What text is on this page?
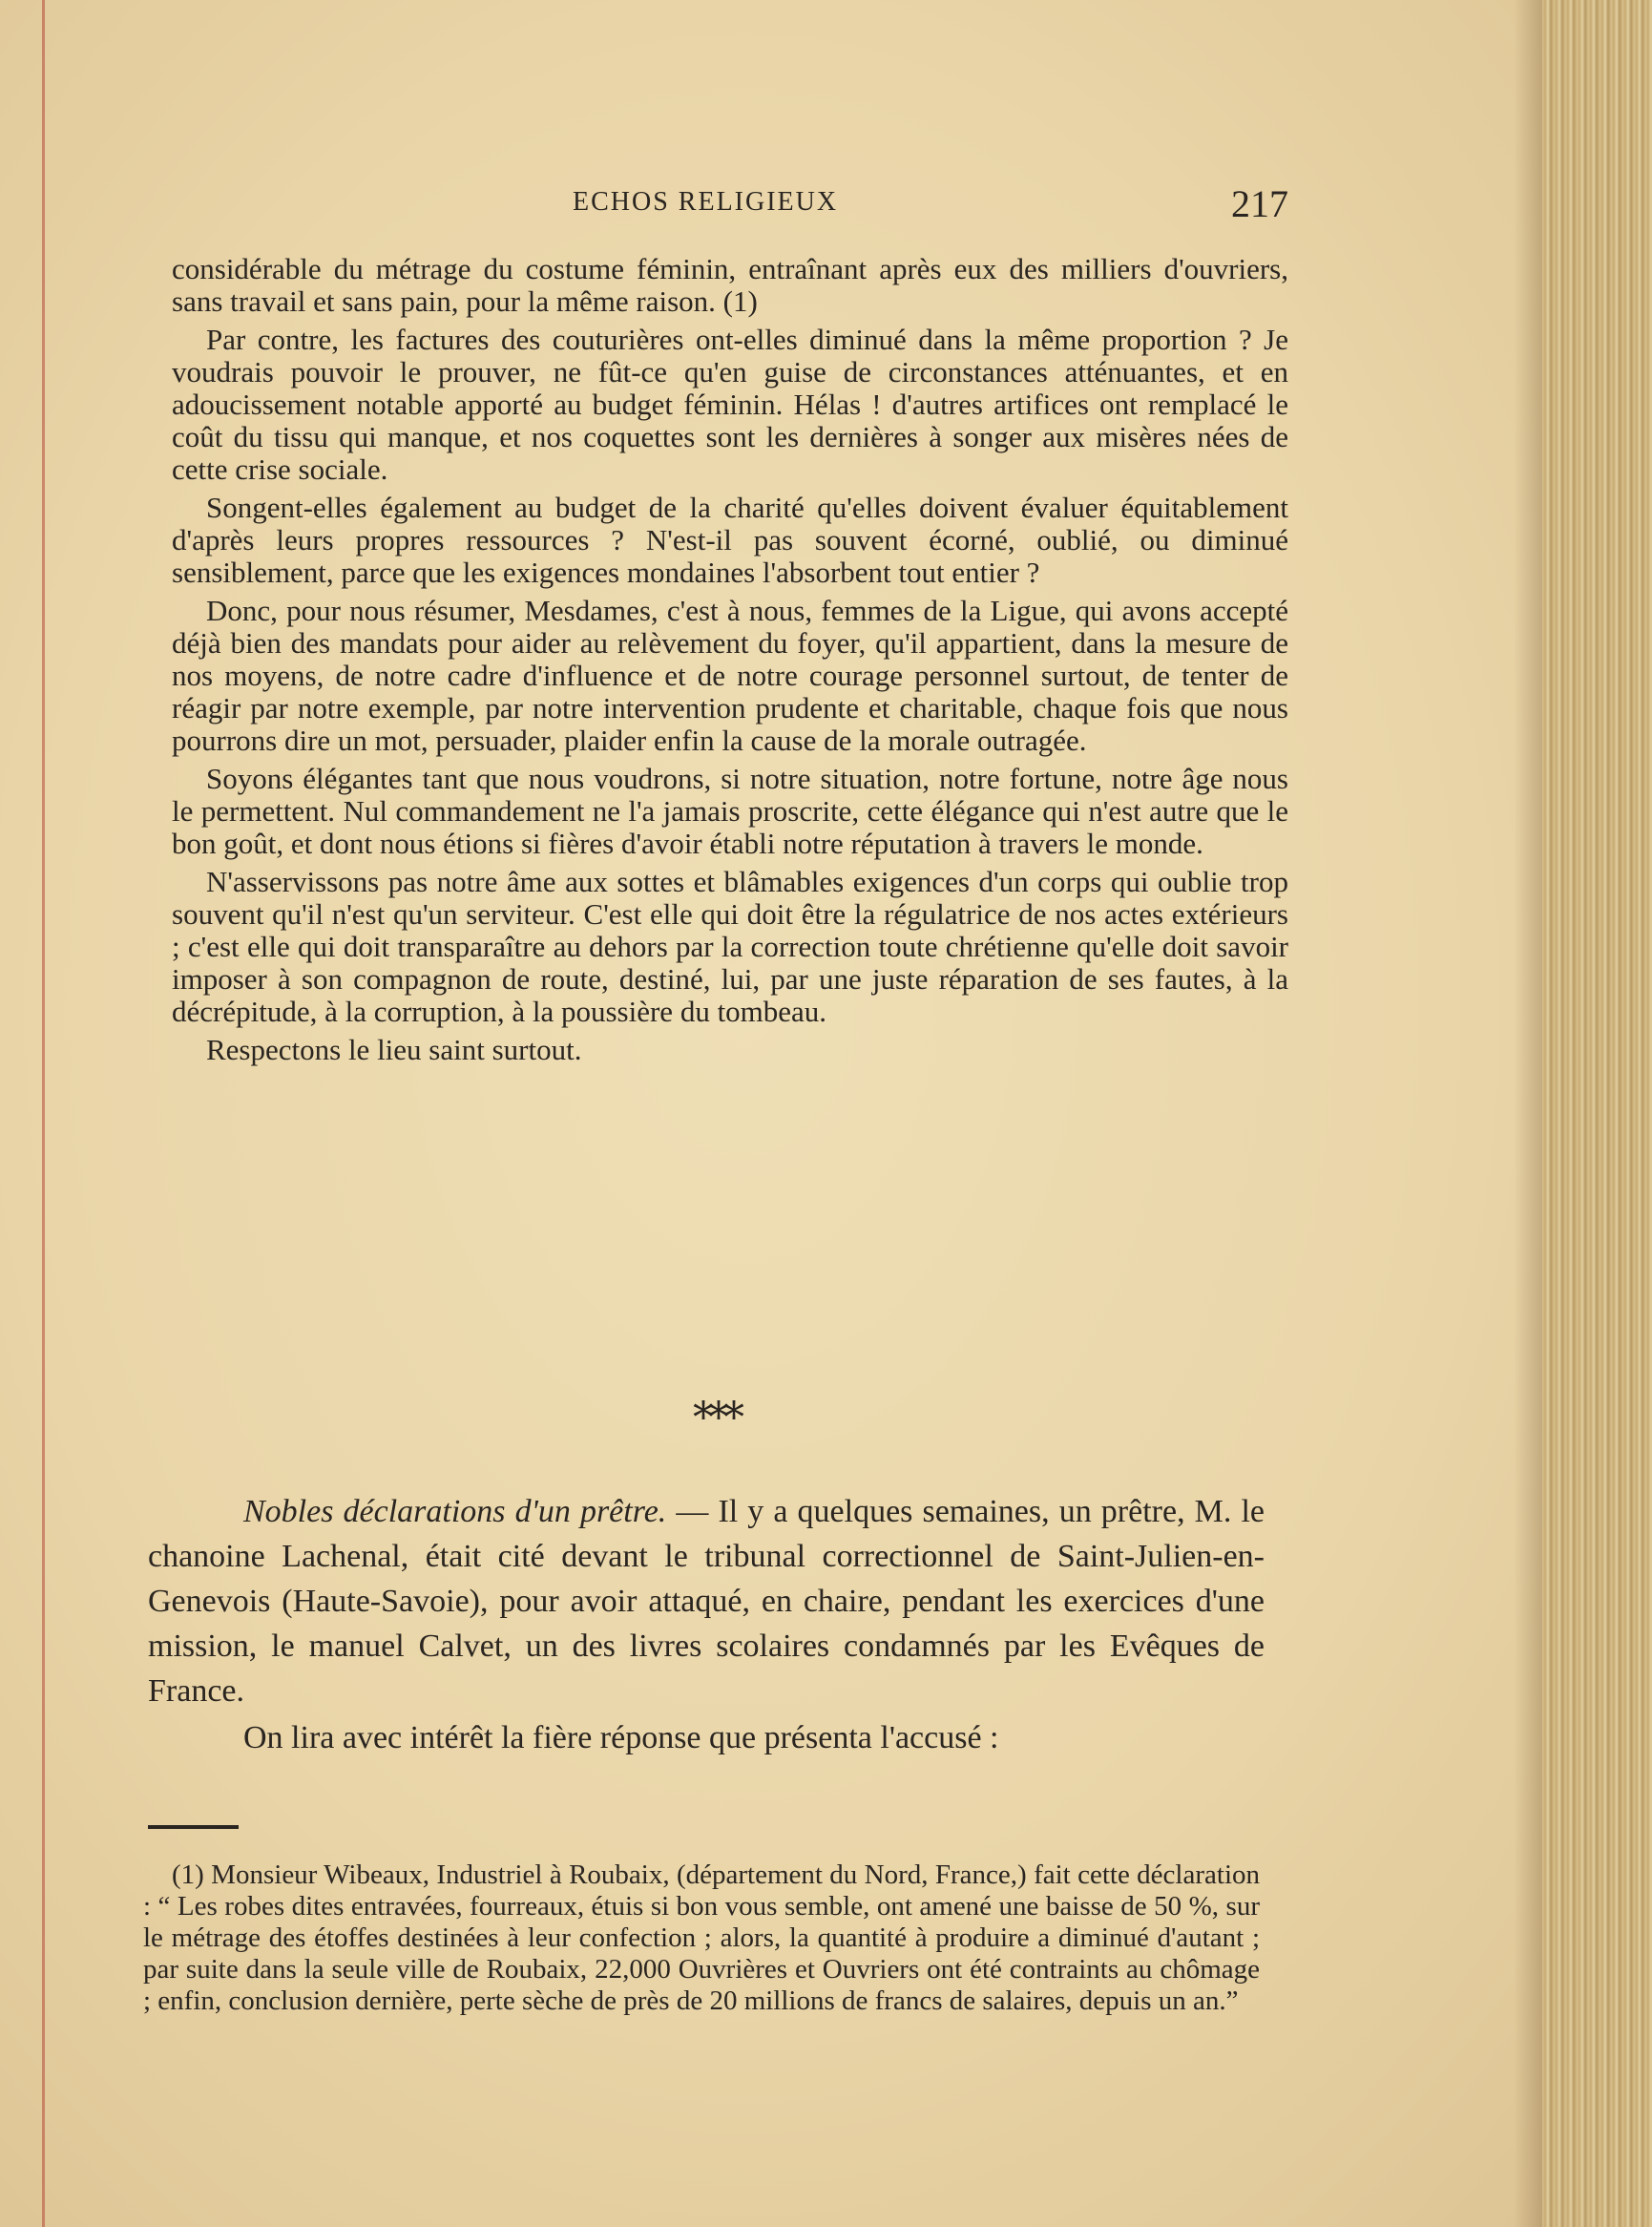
ECHOS RELIGIEUX	217

considérable du métrage du costume féminin, entraînant après eux des milliers d'ouvriers, sans travail et sans pain, pour la même raison. (1)

Par contre, les factures des couturières ont-elles diminué dans la même proportion ? Je voudrais pouvoir le prouver, ne fût-ce qu'en guise de circonstances atténuantes, et en adoucissement notable apporté au budget féminin. Hélas ! d'autres artifices ont remplacé le coût du tissu qui manque, et nos coquettes sont les dernières à songer aux misères nées de cette crise sociale.

Songent-elles également au budget de la charité qu'elles doivent évaluer équitablement d'après leurs propres ressources ? N'est-il pas souvent écorné, oublié, ou diminué sensiblement, parce que les exigences mondaines l'absorbent tout entier ?

Donc, pour nous résumer, Mesdames, c'est à nous, femmes de la Ligue, qui avons accepté déjà bien des mandats pour aider au relèvement du foyer, qu'il appartient, dans la mesure de nos moyens, de notre cadre d'influence et de notre courage personnel surtout, de tenter de réagir par notre exemple, par notre intervention prudente et charitable, chaque fois que nous pourrons dire un mot, persuader, plaider enfin la cause de la morale outragée.

Soyons élégantes tant que nous voudrons, si notre situation, notre fortune, notre âge nous le permettent. Nul commandement ne l'a jamais proscrite, cette élégance qui n'est autre que le bon goût, et dont nous étions si fières d'avoir établi notre réputation à travers le monde.

N'asservissons pas notre âme aux sottes et blâmables exigences d'un corps qui oublie trop souvent qu'il n'est qu'un serviteur. C'est elle qui doit être la régulatrice de nos actes extérieurs ; c'est elle qui doit transparaître au dehors par la correction toute chrétienne qu'elle doit savoir imposer à son compagnon de route, destiné, lui, par une juste réparation de ses fautes, à la décrépitude, à la corruption, à la poussière du tombeau.

Respectons le lieu saint surtout.

***

Nobles déclarations d'un prêtre. — Il y a quelques semaines, un prêtre, M. le chanoine Lachenal, était cité devant le tribunal correctionnel de Saint-Julien-en-Genevois (Haute-Savoie), pour avoir attaqué, en chaire, pendant les exercices d'une mission, le manuel Calvet, un des livres scolaires condamnés par les Evêques de France.

On lira avec intérêt la fière réponse que présenta l'accusé :

(1) Monsieur Wibeaux, Industriel à Roubaix, (département du Nord, France,) fait cette déclaration : “ Les robes dites entravées, fourreaux, étuis si bon vous semble, ont amené une baisse de 50 %, sur le métrage des étoffes destinées à leur confection ; alors, la quantité à produire a diminué d'autant ; par suite dans la seule ville de Roubaix, 22,000 Ouvrières et Ouvriers ont été contraints au chômage ; enfin, conclusion dernière, perte sèche de près de 20 millions de francs de salaires, depuis un an.”
